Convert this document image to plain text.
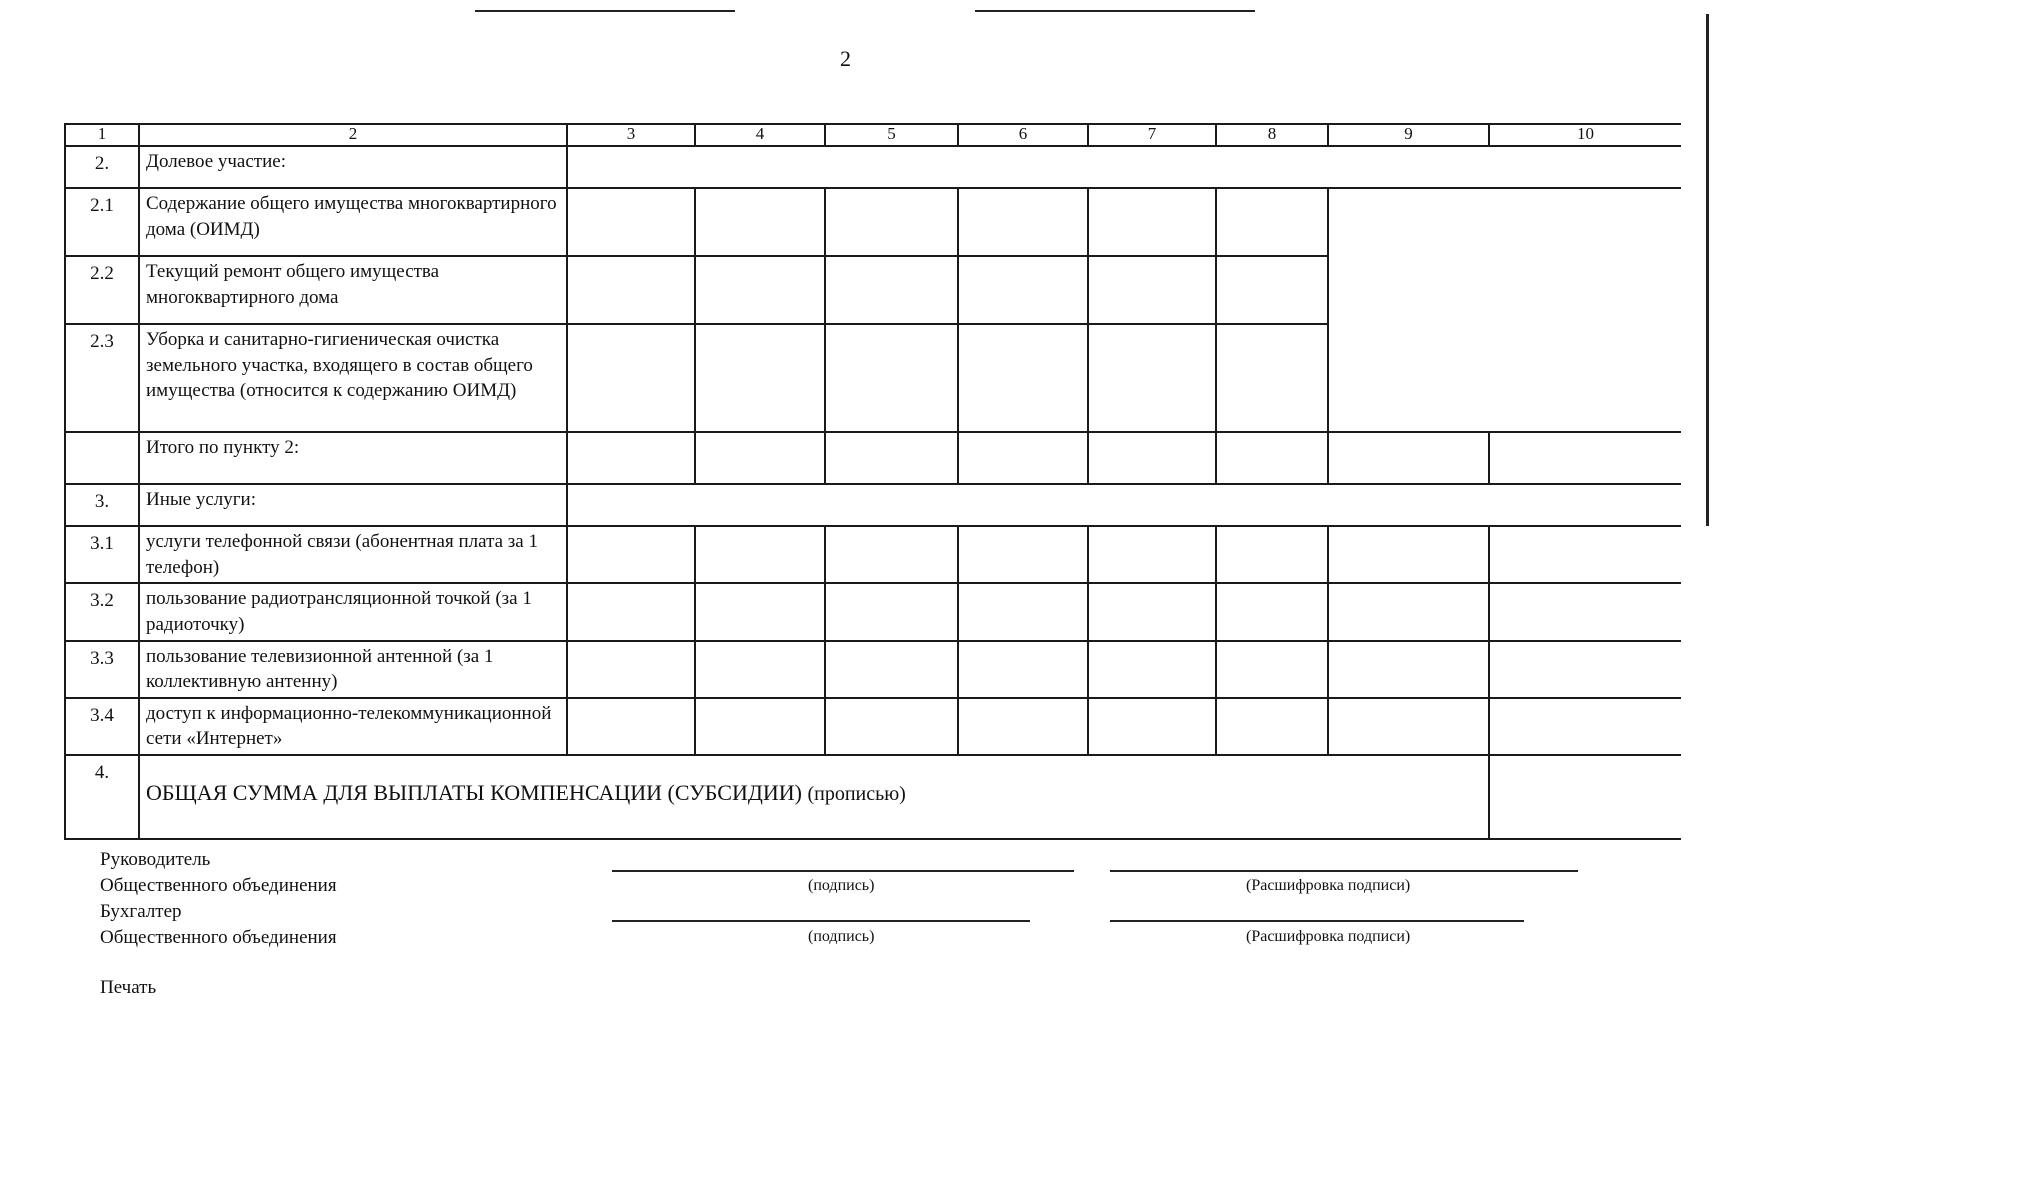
2
1	2	3	4	5	6	7	8	9	10
2.	Долевое участие:								
2.1	Содержание общего имущества многоквартирного дома (ОИМД)								
2.2	Текущий ремонт общего имущества многоквартирного дома								
2.3	Уборка и санитарно-гигиеническая очистка земельного участка, входящего в состав общего имущества (относится к содержанию ОИМД)								
	Итого по пункту 2:								
3.	Иные услуги:								
3.1	услуги телефонной связи (абонентная плата за 1 телефон)								
3.2	пользование радиотрансляционной точкой (за 1 радиоточку)								
3.3	пользование телевизионной антенной (за 1 коллективную антенну)								
3.4	доступ к информационно-телекоммуникационной сети «Интернет»								
4.	ОБЩАЯ СУММА ДЛЯ ВЫПЛАТЫ КОМПЕНСАЦИИ (СУБСИДИИ) (прописью)								

Руководитель
Общественного объединения	(подпись)	(Расшифровка подписи)
Бухгалтер
Общественного объединения	(подпись)	(Расшифровка подписи)
Печать
